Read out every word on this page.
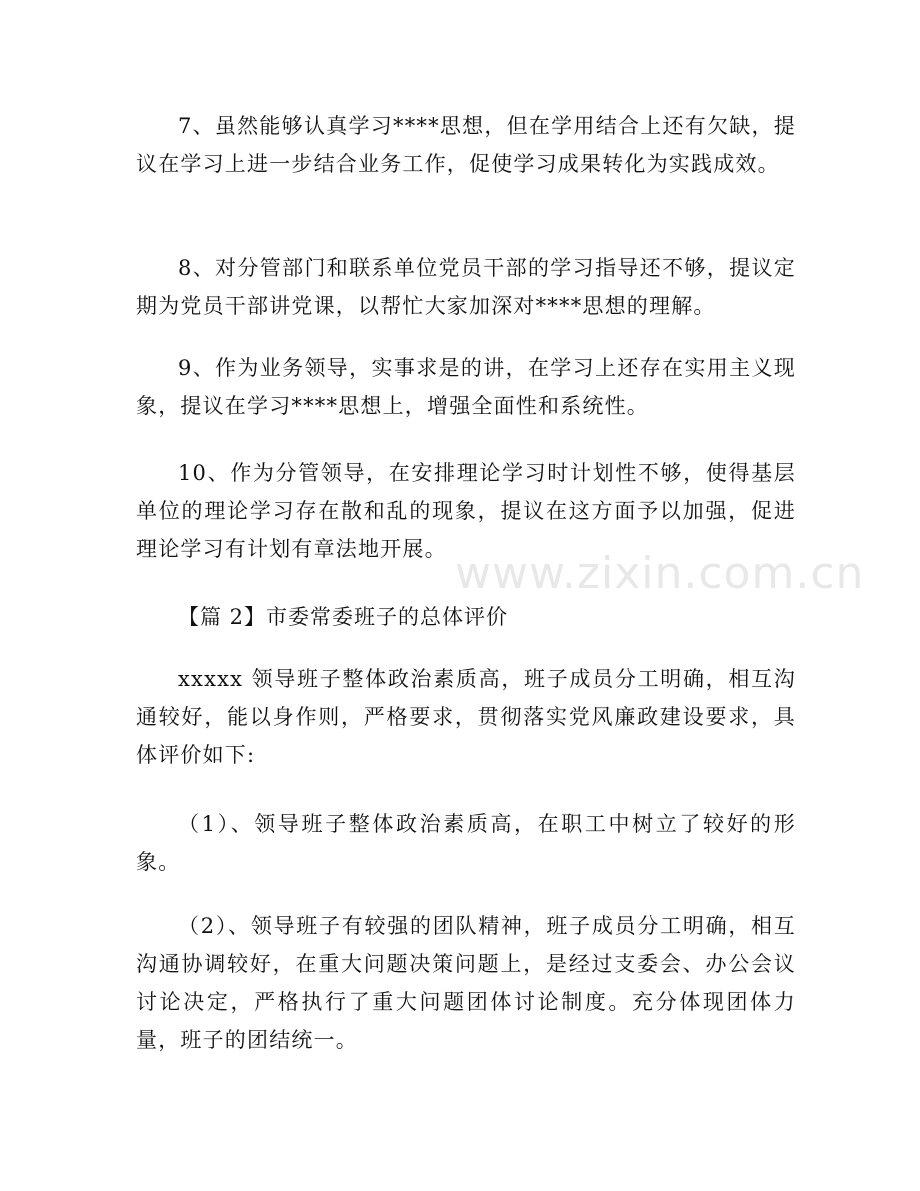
7、虽然能够认真学习****思想，但在学用结合上还有欠缺，提议在学习上进一步结合业务工作，促使学习成果转化为实践成效。

8、对分管部门和联系单位党员干部的学习指导还不够，提议定期为党员干部讲党课，以帮忙大家加深对****思想的理解。

9、作为业务领导，实事求是的讲，在学习上还存在实用主义现象，提议在学习****思想上，增强全面性和系统性。

10、作为分管领导，在安排理论学习时计划性不够，使得基层单位的理论学习存在散和乱的现象，提议在这方面予以加强，促进理论学习有计划有章法地开展。

【篇 2】市委常委班子的总体评价

xxxxx 领导班子整体政治素质高，班子成员分工明确，相互沟通较好，能以身作则，严格要求，贯彻落实党风廉政建设要求，具体评价如下:

（1）、领导班子整体政治素质高，在职工中树立了较好的形象。

（2）、领导班子有较强的团队精神，班子成员分工明确，相互沟通协调较好，在重大问题决策问题上，是经过支委会、办公会议讨论决定，严格执行了重大问题团体讨论制度。充分体现团体力量，班子的团结统一。

www.zixin.com.cn
